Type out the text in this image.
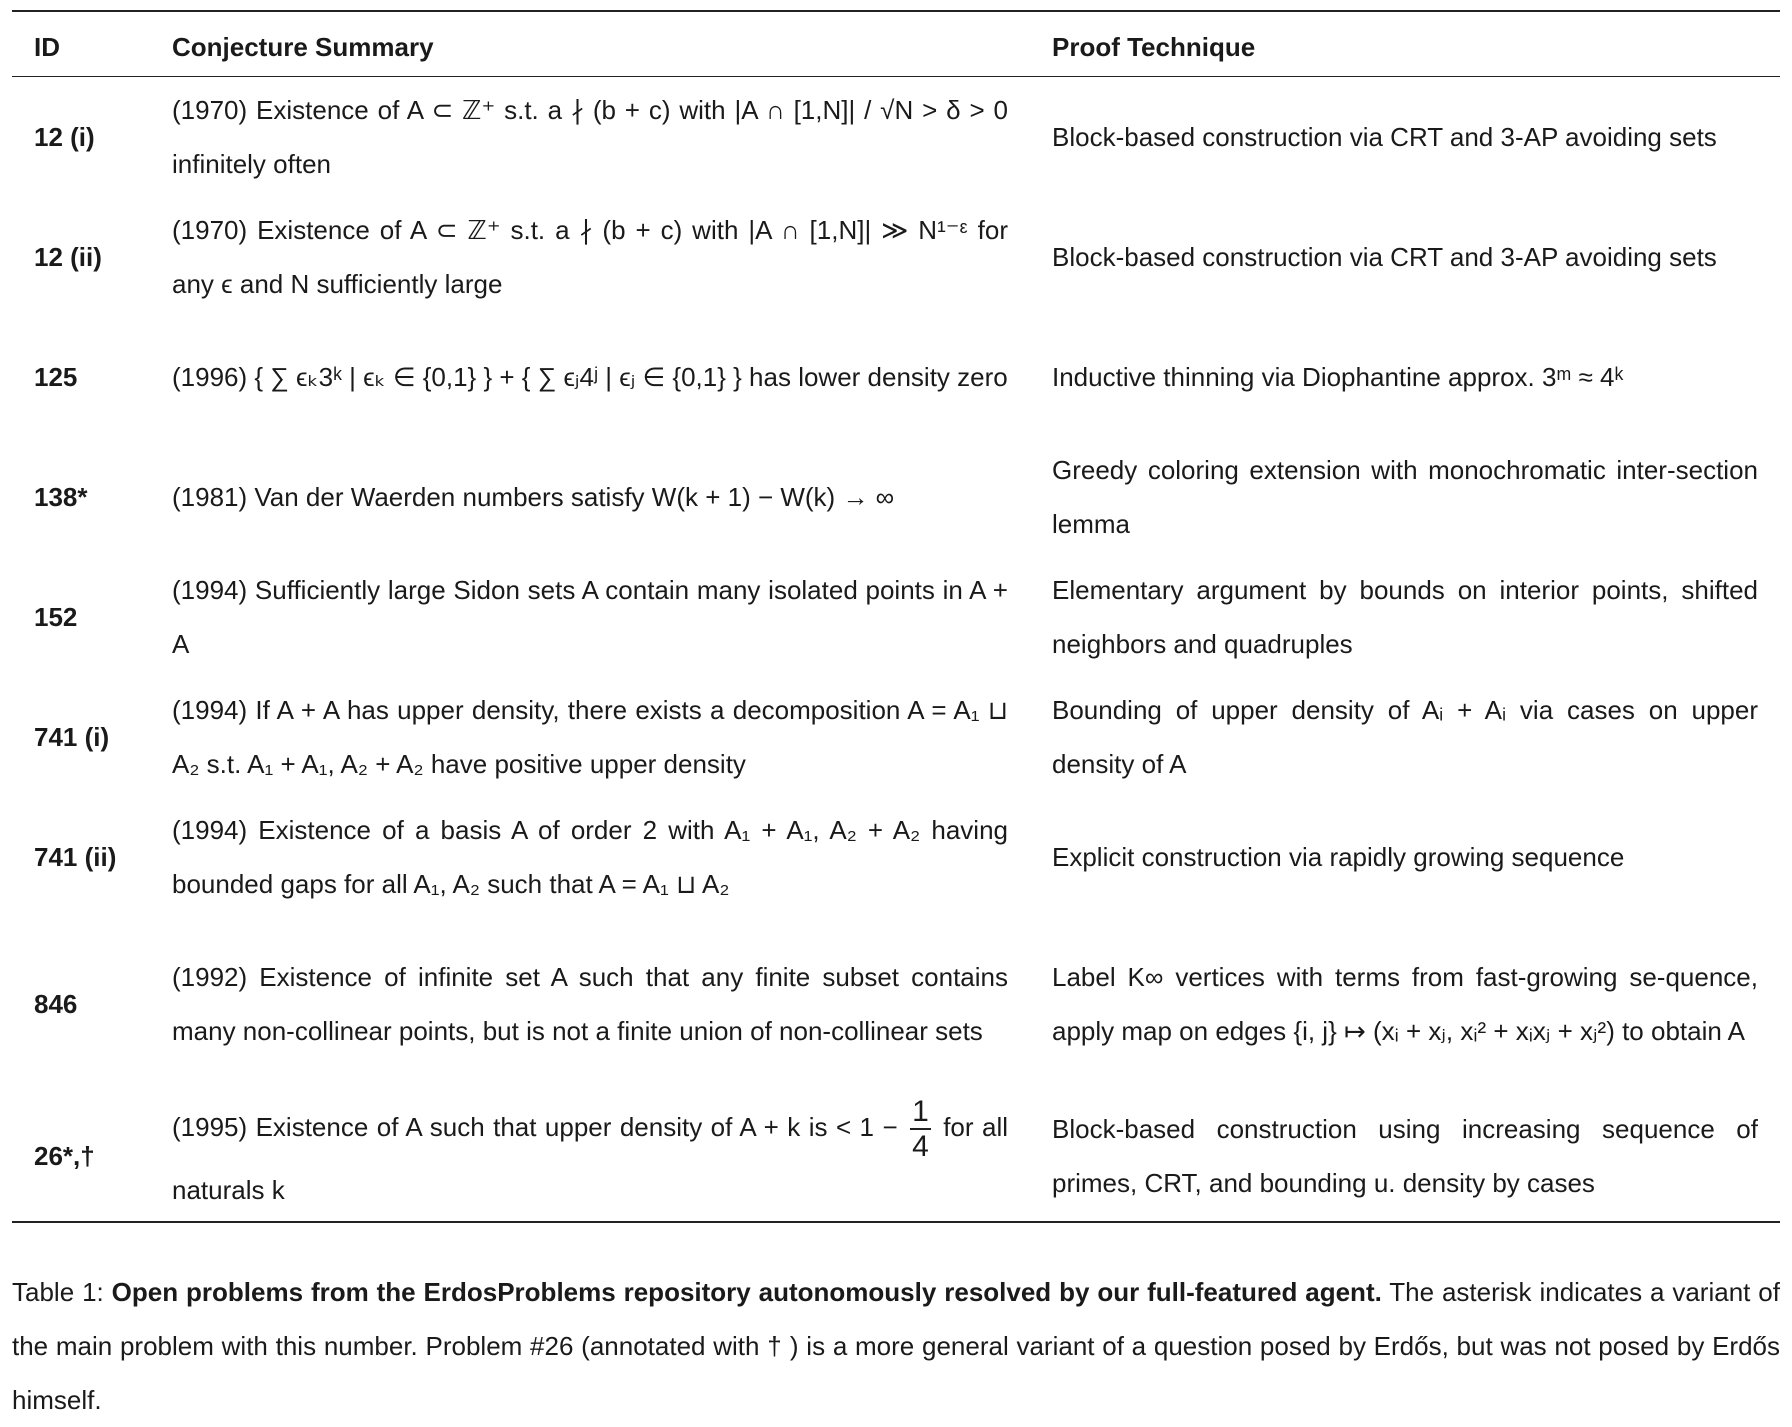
ID	Conjecture Summary	Proof Technique
12 (i)	(1970) Existence of A ⊂ ℤ⁺ s.t. a ∤ (b + c) with |A ∩ [1,N]| / √N > δ > 0 infinitely often	Block-based construction via CRT and 3-AP avoiding sets
12 (ii)	(1970) Existence of A ⊂ ℤ⁺ s.t. a ∤ (b + c) with |A ∩ [1,N]| ≫ N¹⁻ᵋ for any ϵ and N sufficiently large	Block-based construction via CRT and 3-AP avoiding sets
125	(1996) { ∑ ϵₖ3ᵏ | ϵₖ ∈ {0,1} } + { ∑ ϵⱼ4ʲ | ϵⱼ ∈ {0,1} } has lower density zero	Inductive thinning via Diophantine approx. 3ᵐ ≈ 4ᵏ
138*	(1981) Van der Waerden numbers satisfy W(k + 1) − W(k) → ∞	Greedy coloring extension with monochromatic inter-section lemma
152	(1994) Sufficiently large Sidon sets A contain many isolated points in A + A	Elementary argument by bounds on interior points, shifted neighbors and quadruples
741 (i)	(1994) If A + A has upper density, there exists a decomposition A = A₁ ⊔ A₂ s.t. A₁ + A₁, A₂ + A₂ have positive upper density	Bounding of upper density of Aᵢ + Aᵢ via cases on upper density of A
741 (ii)	(1994) Existence of a basis A of order 2 with A₁ + A₁, A₂ + A₂ having bounded gaps for all A₁, A₂ such that A = A₁ ⊔ A₂	Explicit construction via rapidly growing sequence
846	(1992) Existence of infinite set A such that any finite subset contains many non-collinear points, but is not a finite union of non-collinear sets	Label K∞ vertices with terms from fast-growing se-quence, apply map on edges {i, j} ↦ (xᵢ + xⱼ, xᵢ² + xᵢxⱼ + xⱼ²) to obtain A
26*,†	(1995) Existence of A such that upper density of A + k is < $1 - \frac{1}{4}$ for all naturals k	Block-based construction using increasing sequence of primes, CRT, and bounding u. density by cases
Table 1: Open problems from the ErdosProblems repository autonomously resolved by our full-featured agent. The asterisk indicates a variant of the main problem with this number. Problem #26 (annotated with † ) is a more general variant of a question posed by Erdős, but was not posed by Erdős himself.
